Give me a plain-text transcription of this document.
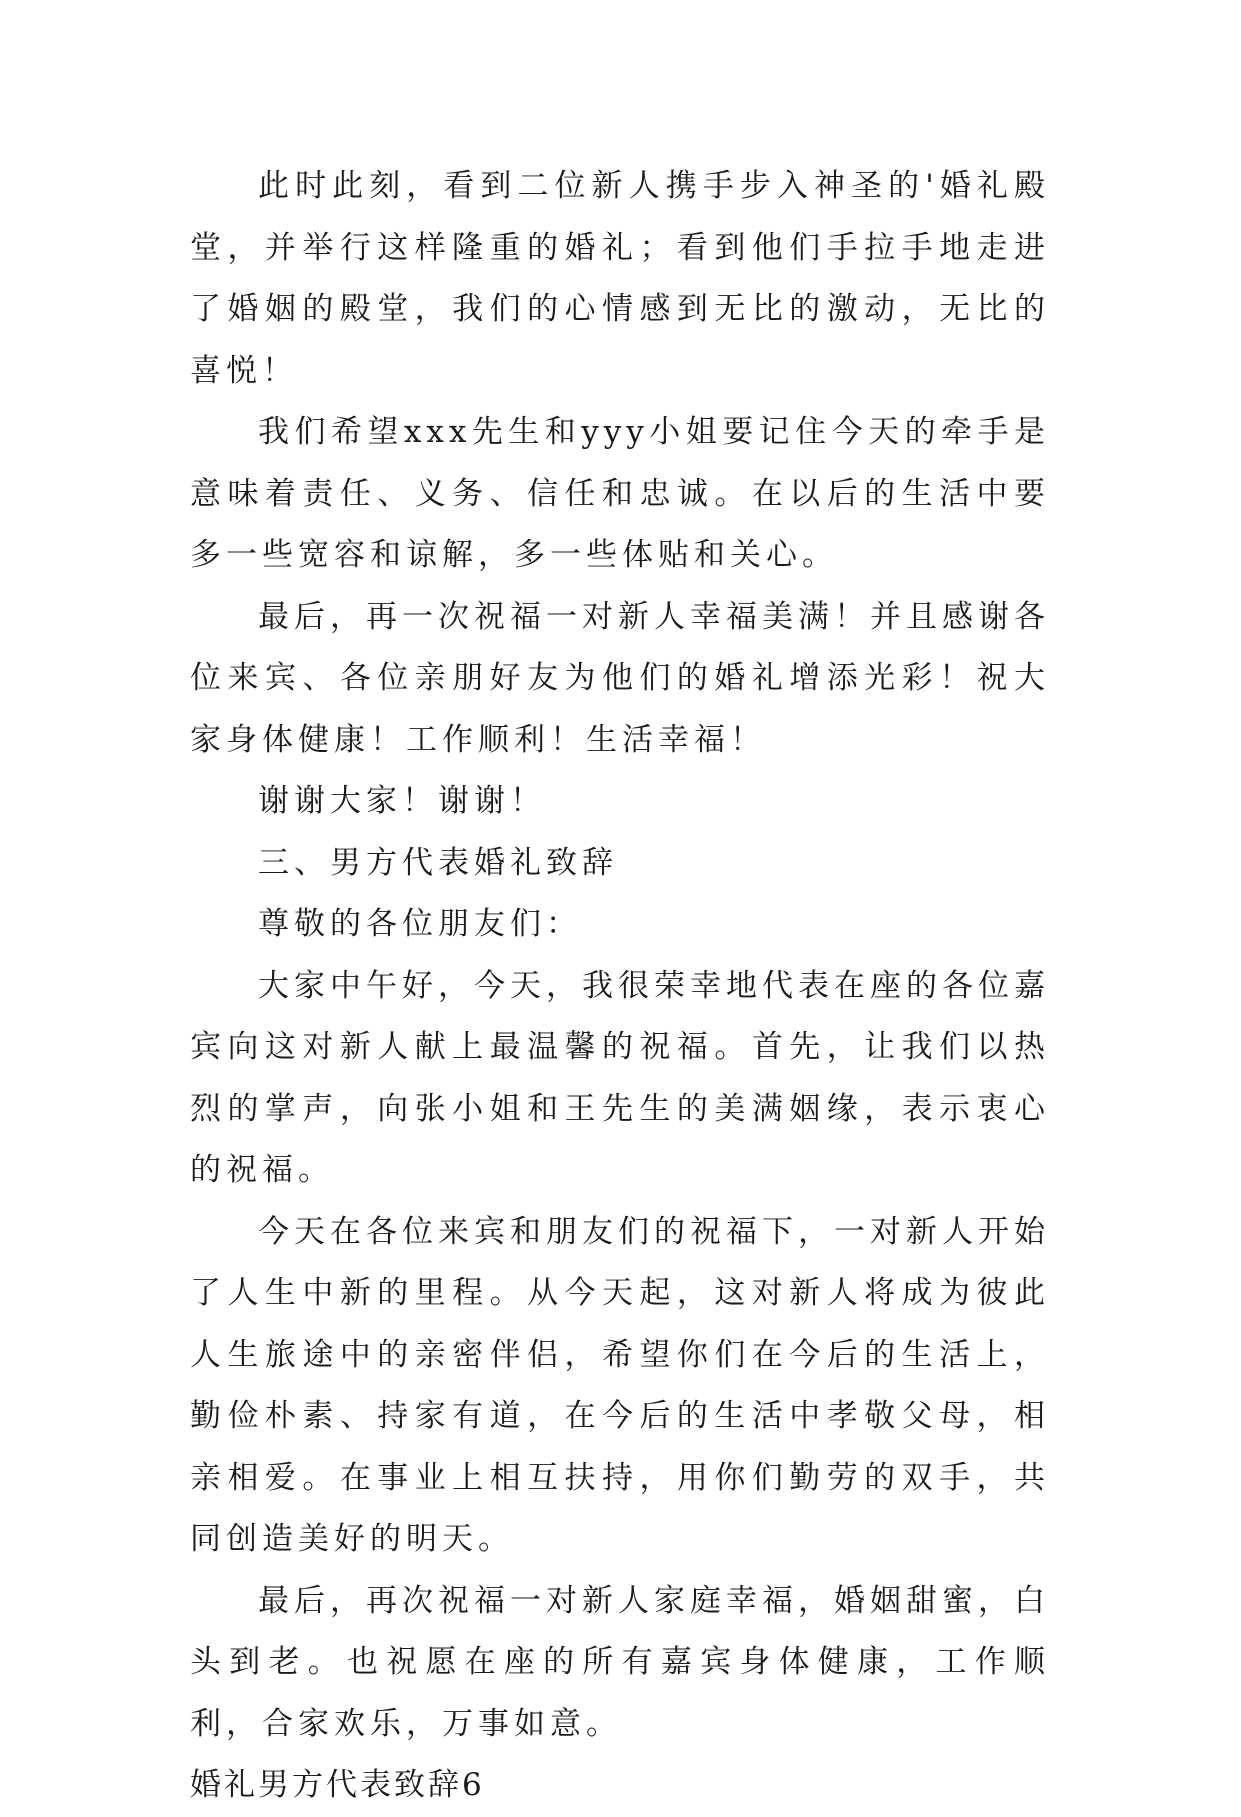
此时此刻，看到二位新人携手步入神圣的'婚礼殿堂，并举行这样隆重的婚礼；看到他们手拉手地走进了婚姻的殿堂，我们的心情感到无比的激动，无比的喜悦！

我们希望xxx先生和yyy小姐要记住今天的牵手是意味着责任、义务、信任和忠诚。在以后的生活中要多一些宽容和谅解，多一些体贴和关心。

最后，再一次祝福一对新人幸福美满！并且感谢各位来宾、各位亲朋好友为他们的婚礼增添光彩！祝大家身体健康！工作顺利！生活幸福！

谢谢大家！谢谢！

三、男方代表婚礼致辞

尊敬的各位朋友们：

大家中午好，今天，我很荣幸地代表在座的各位嘉宾向这对新人献上最温馨的祝福。首先，让我们以热烈的掌声，向张小姐和王先生的美满姻缘，表示衷心的祝福。

今天在各位来宾和朋友们的祝福下，一对新人开始了人生中新的里程。从今天起，这对新人将成为彼此人生旅途中的亲密伴侣，希望你们在今后的生活上，勤俭朴素、持家有道，在今后的生活中孝敬父母，相亲相爱。在事业上相互扶持，用你们勤劳的双手，共同创造美好的明天。

最后，再次祝福一对新人家庭幸福，婚姻甜蜜，白头到老。也祝愿在座的所有嘉宾身体健康，工作顺利，合家欢乐，万事如意。

婚礼男方代表致辞6
